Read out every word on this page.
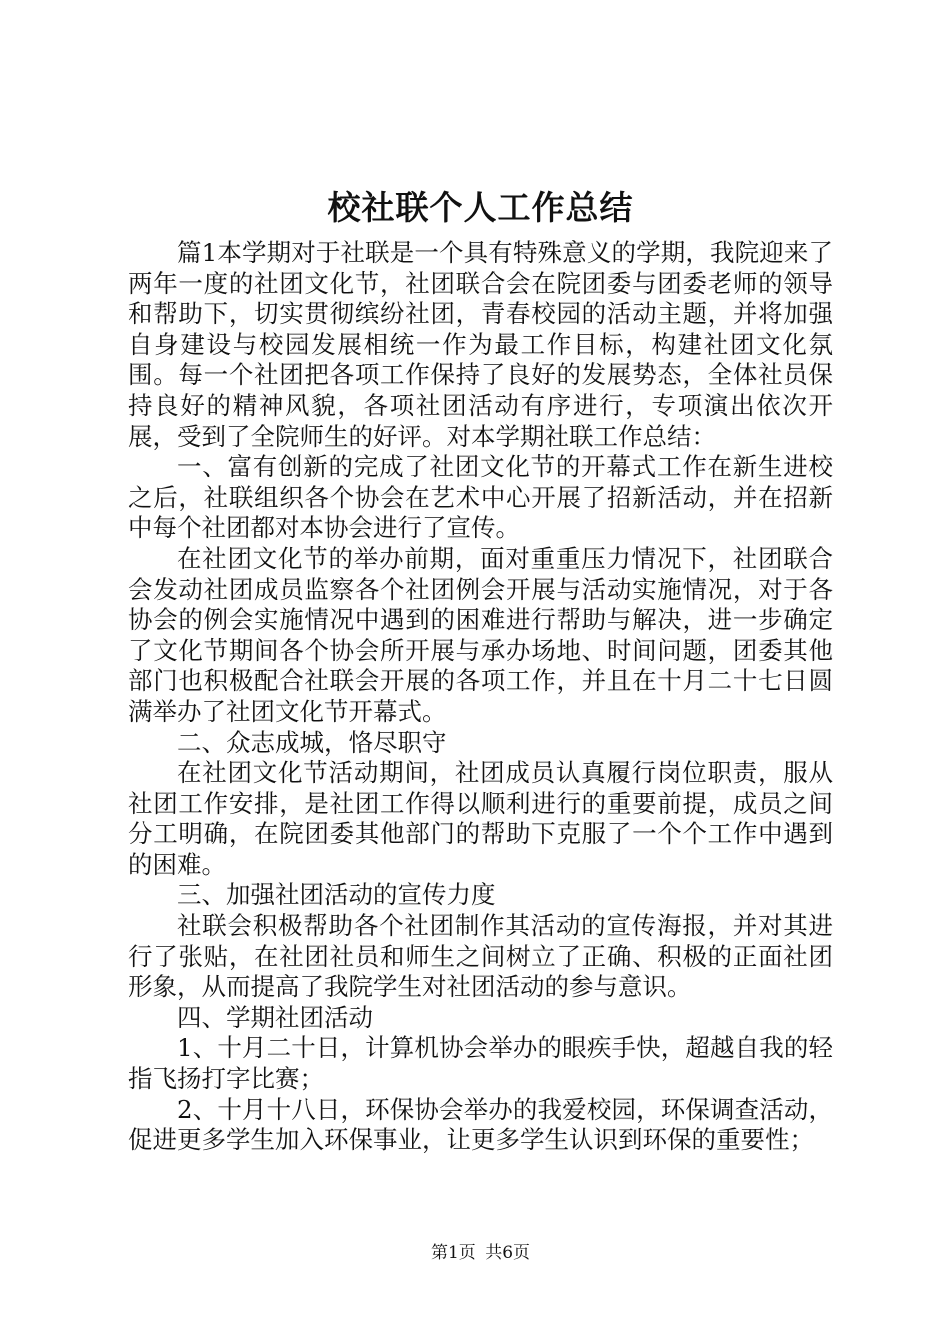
校社联个人工作总结

篇1本学期对于社联是一个具有特殊意义的学期，我院迎来了两年一度的社团文化节，社团联合会在院团委与团委老师的领导和帮助下，切实贯彻缤纷社团，青春校园的活动主题，并将加强自身建设与校园发展相统一作为最工作目标，构建社团文化氛围。每一个社团把各项工作保持了良好的发展势态，全体社员保持良好的精神风貌，各项社团活动有序进行，专项演出依次开展，受到了全院师生的好评。对本学期社联工作总结：

一、富有创新的完成了社团文化节的开幕式工作在新生进校之后，社联组织各个协会在艺术中心开展了招新活动，并在招新中每个社团都对本协会进行了宣传。

在社团文化节的举办前期，面对重重压力情况下，社团联合会发动社团成员监察各个社团例会开展与活动实施情况，对于各协会的例会实施情况中遇到的困难进行帮助与解决，进一步确定了文化节期间各个协会所开展与承办场地、时间问题，团委其他部门也积极配合社联会开展的各项工作，并且在十月二十七日圆满举办了社团文化节开幕式。

二、众志成城，恪尽职守

在社团文化节活动期间，社团成员认真履行岗位职责，服从社团工作安排，是社团工作得以顺利进行的重要前提，成员之间分工明确，在院团委其他部门的帮助下克服了一个个工作中遇到的困难。

三、加强社团活动的宣传力度

社联会积极帮助各个社团制作其活动的宣传海报，并对其进行了张贴，在社团社员和师生之间树立了正确、积极的正面社团形象，从而提高了我院学生对社团活动的参与意识。

四、学期社团活动

1、十月二十日，计算机协会举办的眼疾手快，超越自我的轻指飞扬打字比赛；

2、十月十八日，环保协会举办的我爱校园，环保调查活动，促进更多学生加入环保事业，让更多学生认识到环保的重要性；

第1页 共6页
